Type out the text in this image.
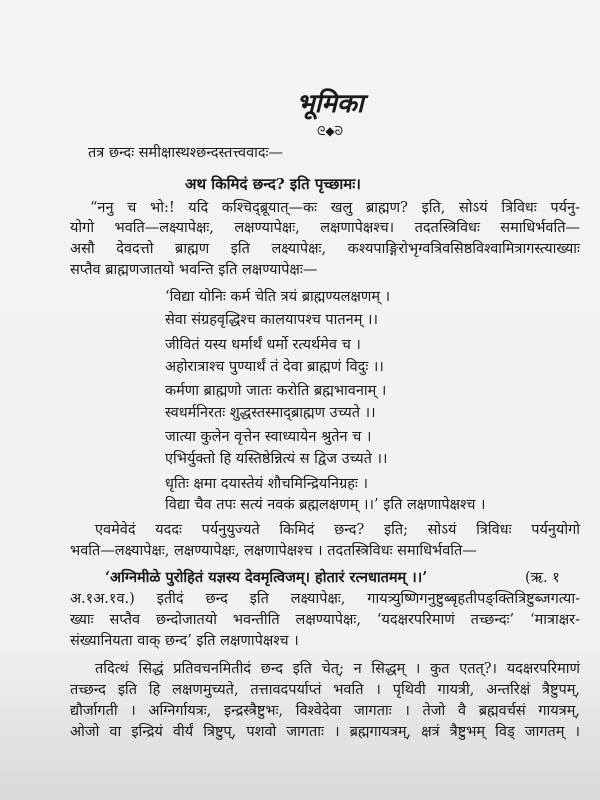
भूमिका
ᘓ◆ᘐ
तत्र छन्दः समीक्षास्थश्छन्दस्तत्त्ववादः—
अथ किमिदं छन्द? इति पृच्छामः।
“ननु च भो:! यदि कश्चिद्ब्रूयात्—कः खलु ब्राह्मण? इति, सोऽयं त्रिविधः पर्यनु-
योगो भवति—लक्ष्यापेक्षः, लक्षण्यापेक्षः, लक्षणापेक्षश्च। तदतस्त्रिविधः समाधिर्भवति—
असौ देवदत्तो ब्राह्मण इति लक्ष्यापेक्षः, कश्यपाङ्गिरोभृग्वत्रिवसिष्ठविश्वामित्रागस्त्याख्याः
सप्तैव ब्राह्मणजातयो भवन्ति इति लक्षण्यापेक्षः—
‘विद्या योनिः कर्म चेति त्रयं ब्राह्मण्यलक्षणम् ।
सेवा संग्रहवृद्धिश्च कालयापश्च पातनम् ।।
जीवितं यस्य धर्मार्थं धर्मो रत्यर्थमेव च ।
अहोरात्राश्च पुण्यार्थं तं देवा ब्राह्मणं विदुः ।।
कर्मणा ब्राह्मणो जातः करोति ब्रह्मभावनाम् ।
स्वधर्मनिरतः शुद्धस्तस्माद्ब्राह्मण उच्यते ।।
जात्या कुलेन वृत्तेन स्वाध्यायेन श्रुतेन च ।
एभिर्युक्तो हि यस्तिष्ठेन्नित्यं स द्विज उच्यते ।।
धृतिः क्षमा दयास्तेयं शौचमिन्द्रियनिग्रहः ।
विद्या चैव तपः सत्यं नवकं ब्रह्मलक्षणम् ।।’ इति लक्षणापेक्षश्च ।
एवमेवेदं यददः पर्यनुयुज्यते किमिदं छन्द? इति; सोऽयं त्रिविधः पर्यनुयोगो
भवति—लक्ष्यापेक्षः, लक्षण्यापेक्षः, लक्षणापेक्षश्च । तदतस्त्रिविधः समाधिर्भवति—
‘अग्निमीळे पुरोहितं यज्ञस्य देवमृत्विजम्। होतारं रत्नधातमम् ।।’	(ऋ. १
अ.१अ.१व.) इतीदं छन्द इति लक्ष्यापेक्षः, गायत्र्युष्णिगनुष्टुब्बृहतीपङ्क्तित्रिष्टुब्जगत्या-
ख्याः सप्तैव छन्दोजातयो भवन्तीति लक्षण्यापेक्षः, ‘यदक्षरपरिमाणं तच्छन्दः’ ‘मात्राक्षर-
संख्यानियता वाक् छन्द’ इति लक्षणापेक्षश्च ।
तदित्थं सिद्धं प्रतिवचनमितीदं छन्द इति चेत्; न सिद्धम् । कुत एतत्?। यदक्षरपरिमाणं
तच्छन्द इति हि लक्षणमुच्यते, तत्तावदपर्याप्तं भवति । पृथिवी गायत्री, अन्तरिक्षं त्रैष्टुपम्,
द्यौर्जागती । अग्निर्गायत्रः, इन्द्रस्त्रैष्टुभः, विश्वेदेवा जागताः । तेजो वै ब्रह्मवर्चसं गायत्रम्,
ओजो वा इन्द्रियं वीर्यं त्रिष्टुप्, पशवो जागताः । ब्रह्मगायत्रम्, क्षत्रं त्रैष्टुभम् विड् जागतम् ।
